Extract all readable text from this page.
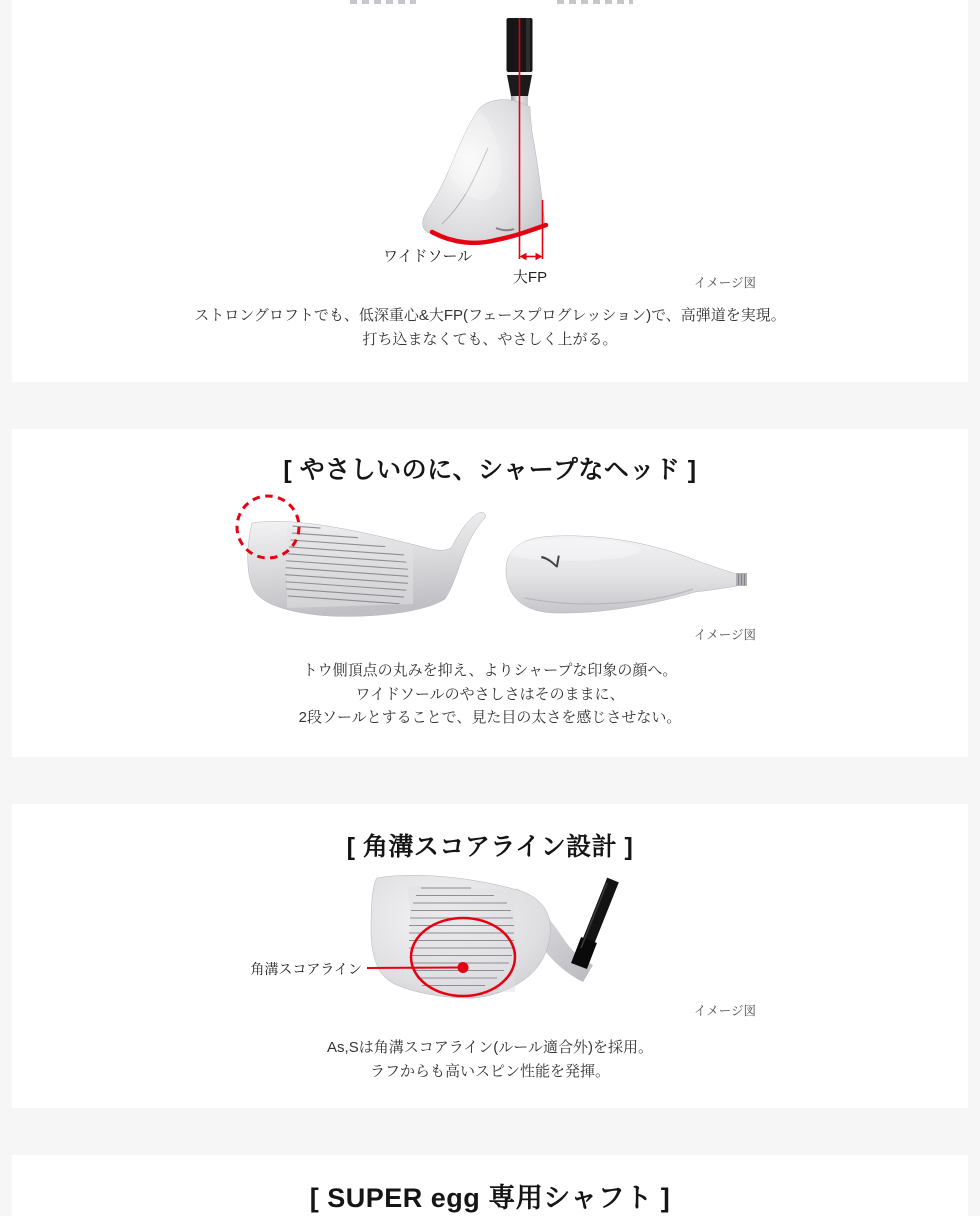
ワイドソール
大FP	イメージ図
ストロングロフトでも、低深重心&大FP(フェースプログレッション)で、高弾道を実現。
打ち込まなくても、やさしく上がる。
[ やさしいのに、シャープなヘッド ]
7
イメージ図
トウ側頂点の丸みを抑え、よりシャープな印象の顔へ。
ワイドソールのやさしさはそのままに、
2段ソールとすることで、見た目の太さを感じさせない。
[ 角溝スコアライン設計 ]
角溝スコアライン
イメージ図
As,Sは角溝スコアライン(ルール適合外)を採用。
ラフからも高いスピン性能を発揮。
[ SUPER egg 専用シャフト ]
